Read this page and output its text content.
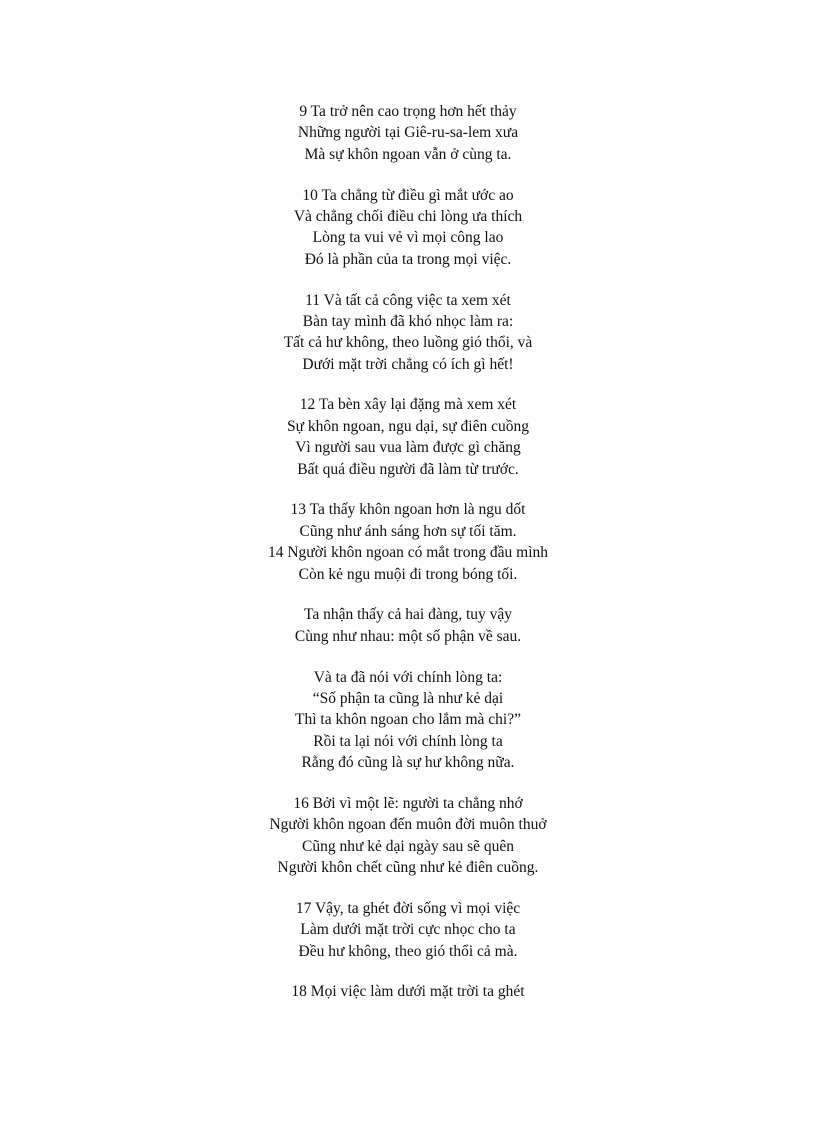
9 Ta trở nên cao trọng hơn hết thảy
Những người tại Giê-ru-sa-lem xưa
Mà sự khôn ngoan vẫn ở cùng ta.
10 Ta chẳng từ điều gì mắt ước ao
Và chẳng chối điều chi lòng ưa thích
Lòng ta vui vẻ vì mọi công lao
Đó là phần của ta trong mọi việc.
11 Và tất cả công việc ta xem xét
Bàn tay mình đã khó nhọc làm ra:
Tất cả hư không, theo luồng gió thổi, và
Dưới mặt trời chẳng có ích gì hết!
12 Ta bèn xây lại đặng mà xem xét
Sự khôn ngoan, ngu dại, sự điên cuồng
Vì người sau vua làm được gì chăng
Bất quá điều người đã làm từ trước.
13 Ta thấy khôn ngoan hơn là ngu dốt
Cũng như ánh sáng hơn sự tối tăm.
14 Người khôn ngoan có mắt trong đầu mình
Còn kẻ ngu muội đi trong bóng tối.
Ta nhận thấy cả hai đàng, tuy vậy
Cùng như nhau: một số phận về sau.
Và ta đã nói với chính lòng ta:
“Số phận ta cũng là như kẻ dại
Thì ta khôn ngoan cho lắm mà chi?”
Rồi ta lại nói với chính lòng ta
Rằng đó cũng là sự hư không nữa.
16 Bởi vì một lẽ: người ta chẳng nhớ
Người khôn ngoan đến muôn đời muôn thuở
Cũng như kẻ dại ngày sau sẽ quên
Người khôn chết cũng như kẻ điên cuồng.
17 Vậy, ta ghét đời sống vì mọi việc
Làm dưới mặt trời cực nhọc cho ta
Đều hư không, theo gió thổi cả mà.
18 Mọi việc làm dưới mặt trời ta ghét
